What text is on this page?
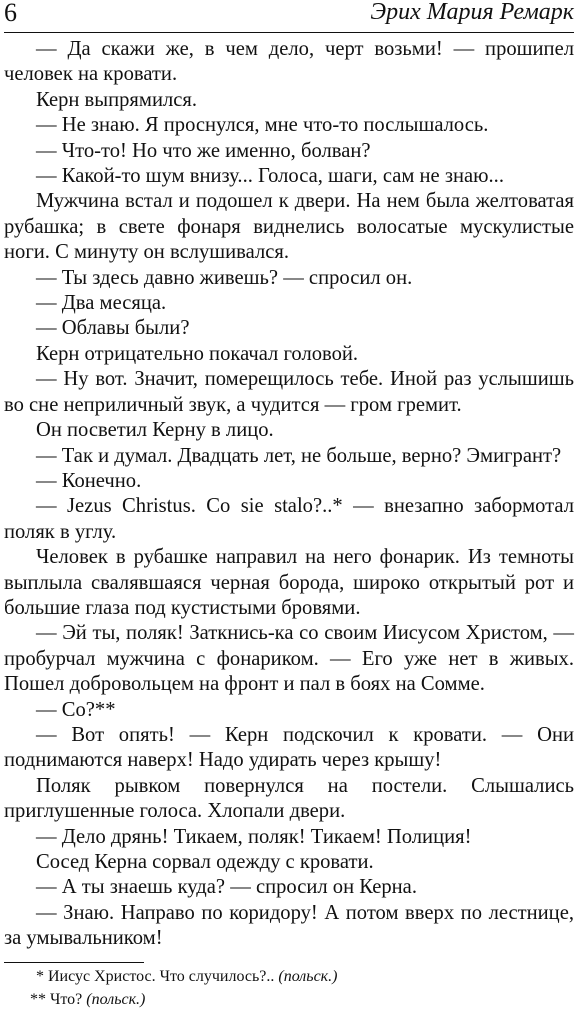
6	Эрих Мария Ремарк

— Да скажи же, в чем дело, черт возьми! — прошипел человек на кровати.

Керн выпрямился.

— Не знаю. Я проснулся, мне что-то послышалось.

— Что-то! Но что же именно, болван?

— Какой-то шум внизу... Голоса, шаги, сам не знаю...

Мужчина встал и подошел к двери. На нем была желтоватая рубашка; в свете фонаря виднелись волосатые мускулистые ноги. С минуту он вслушивался.

— Ты здесь давно живешь? — спросил он.

— Два месяца.

— Облавы были?

Керн отрицательно покачал головой.

— Ну вот. Значит, померещилось тебе. Иной раз услышишь во сне неприличный звук, а чудится — гром гремит.

Он посветил Керну в лицо.

— Так и думал. Двадцать лет, не больше, верно? Эмигрант?

— Конечно.

— Jezus Christus. Co sie stalo?..* — внезапно забормотал поляк в углу.

Человек в рубашке направил на него фонарик. Из темноты выплыла свалявшаяся черная борода, широко открытый рот и большие глаза под кустистыми бровями.

— Эй ты, поляк! Заткнись-ка со своим Иисусом Христом, — пробурчал мужчина с фонариком. — Его уже нет в живых. Пошел добровольцем на фронт и пал в боях на Сомме.

— Co?**

— Вот опять! — Керн подскочил к кровати. — Они поднимаются наверх! Надо удирать через крышу!

Поляк рывком повернулся на постели. Слышались приглушенные голоса. Хлопали двери.

— Дело дрянь! Тикаем, поляк! Тикаем! Полиция!

Сосед Керна сорвал одежду с кровати.

— А ты знаешь куда? — спросил он Керна.

— Знаю. Направо по коридору! А потом вверх по лестнице, за умывальником!

* Иисус Христос. Что случилось?.. (польск.)

** Что? (польск.)
